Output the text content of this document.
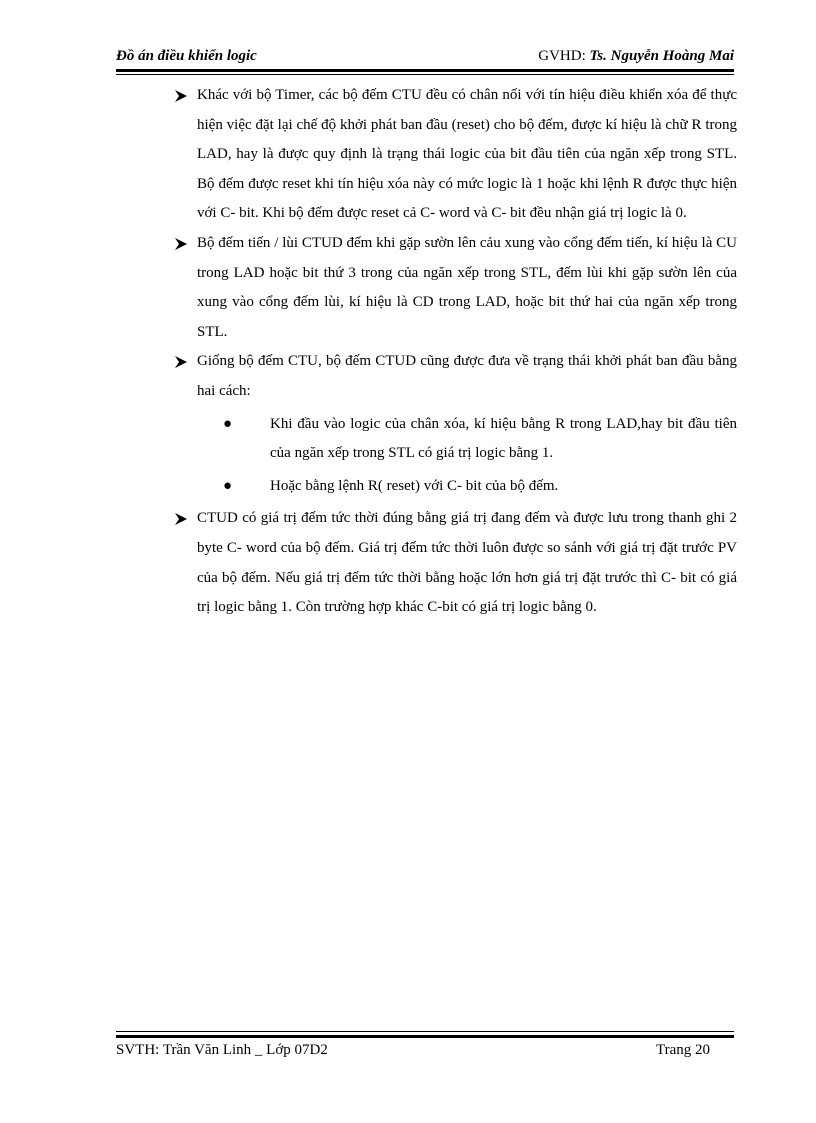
Đồ án điều khiển logic	GVHD: Ts. Nguyễn Hoàng Mai
Khác với bộ Timer, các bộ đếm CTU đều có chân nối với tín hiệu điều khiển xóa để thực hiện việc đặt lại chế độ khởi phát ban đầu (reset) cho bộ đếm, được kí hiệu là chữ R trong LAD, hay là được quy định là trạng thái logic của bit đầu tiên của ngăn xếp trong STL. Bộ đếm được reset khi tín hiệu xóa này có mức logic là 1 hoặc khi lệnh R được thực hiện với C- bit. Khi bộ đếm được reset cả C- word và C- bit đều nhận giá trị logic là 0.
Bộ đếm tiến / lùi CTUD đếm khi gặp sườn lên cảu xung vào cổng đếm tiến, kí hiệu là CU trong LAD hoặc bit thứ 3 trong của ngăn xếp trong STL, đếm lùi khi gặp sườn lên của xung vào cổng đếm lùi, kí hiệu là CD trong LAD, hoặc bit thứ hai của ngăn xếp trong STL.
Giống bộ đếm CTU, bộ đếm CTUD cũng được đưa về trạng thái khởi phát ban đầu bằng hai cách:
●	Khi đầu vào logic của chân xóa, kí hiệu bằng R trong LAD,hay bit đầu tiên của ngăn xếp trong STL có giá trị logic bằng 1.
●	Hoặc bằng lệnh R( reset) với C- bit của bộ đếm.
CTUD có giá trị đếm tức thời đúng bằng giá trị đang đếm và được lưu trong thanh ghi 2 byte C- word của bộ đếm. Giá trị đếm tức thời luôn được so sánh với giá trị đặt trước PV của bộ đếm. Nếu giá trị đếm tức thời bằng hoặc lớn hơn giá trị đặt trước thì C- bit có giá trị logic bằng 1. Còn trường hợp khác C-bit có giá trị logic bằng 0.
SVTH: Trần Văn Linh _ Lớp 07D2	Trang 20
